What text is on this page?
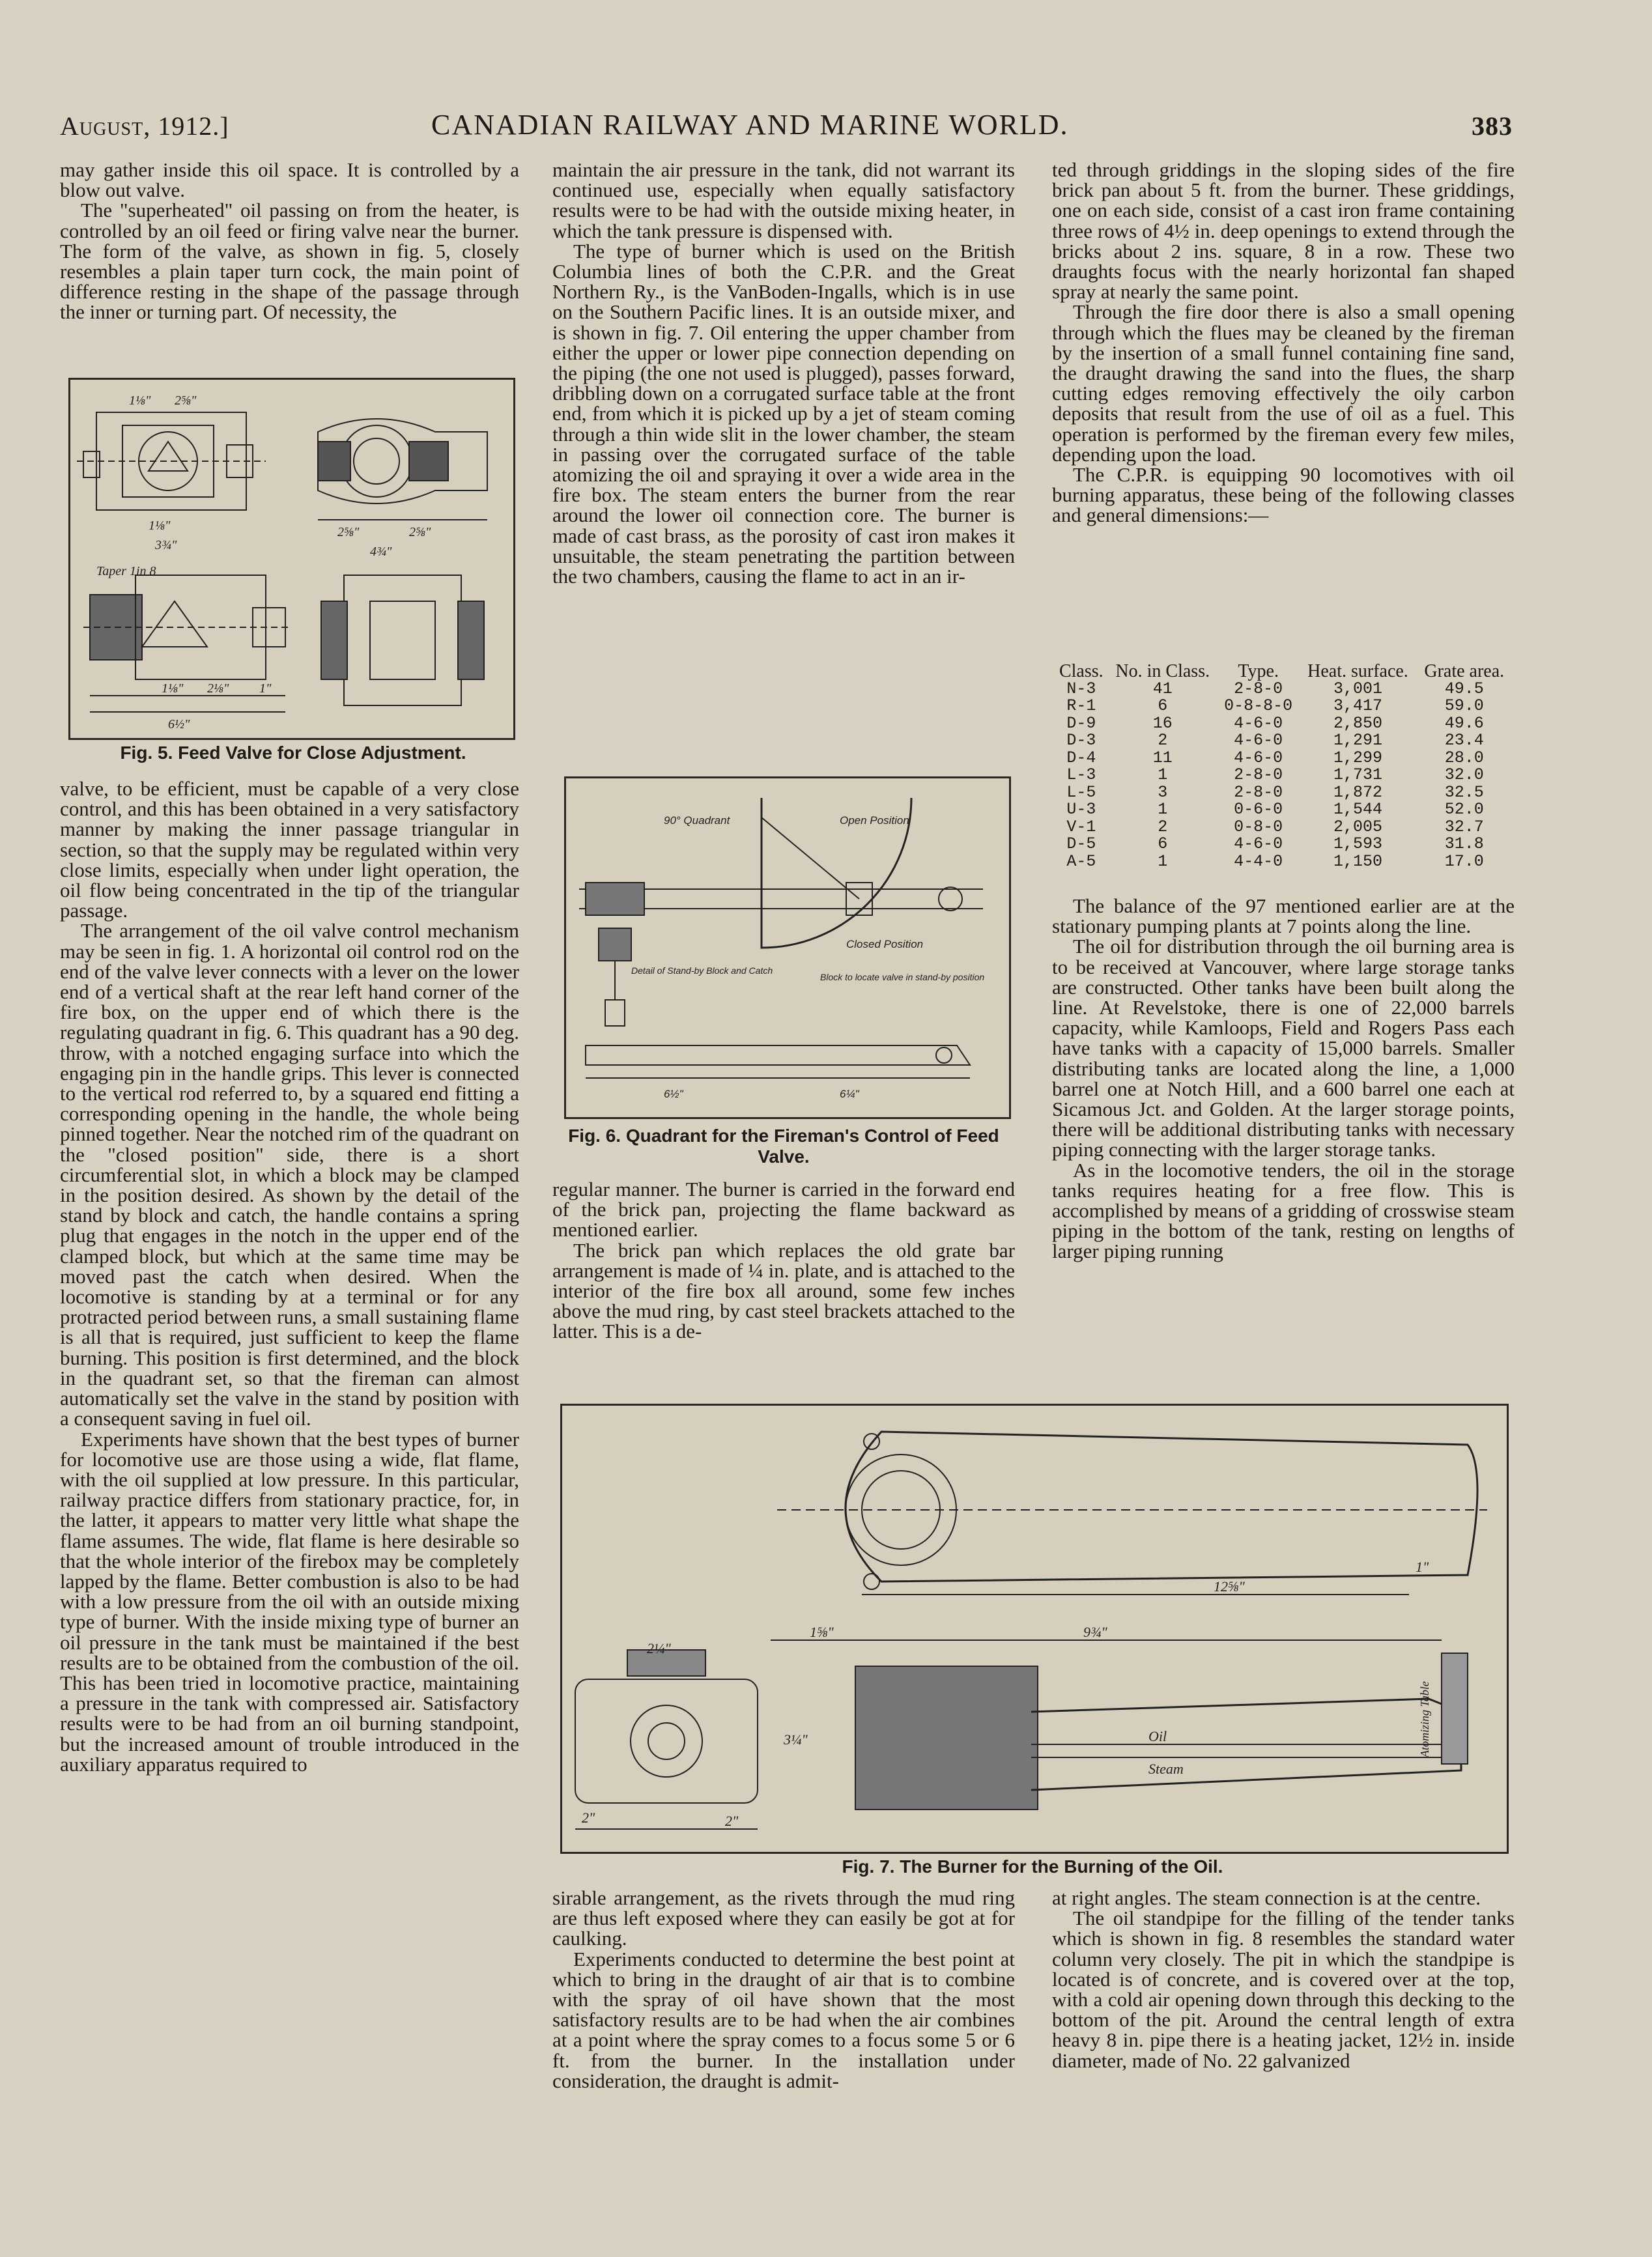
August, 1912.]	CANADIAN RAILWAY AND MARINE WORLD.	383

may gather inside this oil space. It is controlled by a blow out valve.

The "superheated" oil passing on from the heater, is controlled by an oil feed or firing valve near the burner. The form of the valve, as shown in fig. 5, closely resembles a plain taper turn cock, the main point of difference resting in the shape of the passage through the inner or turning part. Of necessity, the

Taper 1in 8
1⅛" 2⅝"
1⅛"
3¾"
2⅝"	2⅝"
4¾"
1⅛" 2⅛" 1"
6½"
Fig. 5. Feed Valve for Close Adjustment.

valve, to be efficient, must be capable of a very close control, and this has been obtained in a very satisfactory manner by making the inner passage triangular in section, so that the supply may be regulated within very close limits, especially when under light operation, the oil flow being concentrated in the tip of the triangular passage.

The arrangement of the oil valve control mechanism may be seen in fig. 1. A horizontal oil control rod on the end of the valve lever connects with a lever on the lower end of a vertical shaft at the rear left hand corner of the fire box, on the upper end of which there is the regulating quadrant in fig. 6. This quadrant has a 90 deg. throw, with a notched engaging surface into which the engaging pin in the handle grips. This lever is connected to the vertical rod referred to, by a squared end fitting a corresponding opening in the handle, the whole being pinned together. Near the notched rim of the quadrant on the "closed position" side, there is a short circumferential slot, in which a block may be clamped in the position desired. As shown by the detail of the stand by block and catch, the handle contains a spring plug that engages in the notch in the upper end of the clamped block, but which at the same time may be moved past the catch when desired. When the locomotive is standing by at a terminal or for any protracted period between runs, a small sustaining flame is all that is required, just sufficient to keep the flame burning. This position is first determined, and the block in the quadrant set, so that the fireman can almost automatically set the valve in the stand by position with a consequent saving in fuel oil.

Experiments have shown that the best types of burner for locomotive use are those using a wide, flat flame, with the oil supplied at low pressure. In this particular, railway practice differs from stationary practice, for, in the latter, it appears to matter very little what shape the flame assumes. The wide, flat flame is here desirable so that the whole interior of the firebox may be completely lapped by the flame. Better combustion is also to be had with a low pressure from the oil with an outside mixing type of burner. With the inside mixing type of burner an oil pressure in the tank must be maintained if the best results are to be obtained from the combustion of the oil. This has been tried in locomotive practice, maintaining a pressure in the tank with compressed air. Satisfactory results were to be had from an oil burning standpoint, but the increased amount of trouble introduced in the auxiliary apparatus required to

maintain the air pressure in the tank, did not warrant its continued use, especially when equally satisfactory results were to be had with the outside mixing heater, in which the tank pressure is dispensed with.

The type of burner which is used on the British Columbia lines of both the C.P.R. and the Great Northern Ry., is the VanBoden-Ingalls, which is in use on the Southern Pacific lines. It is an outside mixer, and is shown in fig. 7. Oil entering the upper chamber from either the upper or lower pipe connection depending on the piping (the one not used is plugged), passes forward, dribbling down on a corrugated surface table at the front end, from which it is picked up by a jet of steam coming through a thin wide slit in the lower chamber, the steam in passing over the corrugated surface of the table atomizing the oil and spraying it over a wide area in the fire box. The steam enters the burner from the rear around the lower oil connection core. The burner is made of cast brass, as the porosity of cast iron makes it unsuitable, the steam penetrating the partition between the two chambers, causing the flame to act in an ir-

90° Quadrant	Open Position
Closed Position
Detail of Stand-by Block and Catch
Block to locate valve in stand-by position
6½"	6¼"
Fig. 6. Quadrant for the Fireman's Control of Feed Valve.

regular manner. The burner is carried in the forward end of the brick pan, projecting the flame backward as mentioned earlier.

The brick pan which replaces the old grate bar arrangement is made of ¼ in. plate, and is attached to the interior of the fire box all around, some few inches above the mud ring, by cast steel brackets attached to the latter. This is a de-

Oil
Steam
Atomizing Table
12⅝"
9¾"
1⅝"
2¼"
2"
1"
3¼"
2"
Fig. 7. The Burner for the Burning of the Oil.

sirable arrangement, as the rivets through the mud ring are thus left exposed where they can easily be got at for caulking.

Experiments conducted to determine the best point at which to bring in the draught of air that is to combine with the spray of oil have shown that the most satisfactory results are to be had when the air combines at a point where the spray comes to a focus some 5 or 6 ft. from the burner. In the installation under consideration, the draught is admit-

ted through griddings in the sloping sides of the fire brick pan about 5 ft. from the burner. These griddings, one on each side, consist of a cast iron frame containing three rows of 4½ in. deep openings to extend through the bricks about 2 ins. square, 8 in a row. These two draughts focus with the nearly horizontal fan shaped spray at nearly the same point.

Through the fire door there is also a small opening through which the flues may be cleaned by the fireman by the insertion of a small funnel containing fine sand, the draught drawing the sand into the flues, the sharp cutting edges removing effectively the oily carbon deposits that result from the use of oil as a fuel. This operation is performed by the fireman every few miles, depending upon the load.

The C.P.R. is equipping 90 locomotives with oil burning apparatus, these being of the following classes and general dimensions:—

Class.	No. in Class.	Type.	Heat. surface.	Grate area.
N-3	41	2-8-0	3,001	49.5
R-1	6	0-8-8-0	3,417	59.0
D-9	16	4-6-0	2,850	49.6
D-3	2	4-6-0	1,291	23.4
D-4	11	4-6-0	1,299	28.0
L-3	1	2-8-0	1,731	32.0
L-5	3	2-8-0	1,872	32.5
U-3	1	0-6-0	1,544	52.0
V-1	2	0-8-0	2,005	32.7
D-5	6	4-6-0	1,593	31.8
A-5	1	4-4-0	1,150	17.0

The balance of the 97 mentioned earlier are at the stationary pumping plants at 7 points along the line.

The oil for distribution through the oil burning area is to be received at Vancouver, where large storage tanks are constructed. Other tanks have been built along the line. At Revelstoke, there is one of 22,000 barrels capacity, while Kamloops, Field and Rogers Pass each have tanks with a capacity of 15,000 barrels. Smaller distributing tanks are located along the line, a 1,000 barrel one at Notch Hill, and a 600 barrel one each at Sicamous Jct. and Golden. At the larger storage points, there will be additional distributing tanks with necessary piping connecting with the larger storage tanks.

As in the locomotive tenders, the oil in the storage tanks requires heating for a free flow. This is accomplished by means of a gridding of crosswise steam piping in the bottom of the tank, resting on lengths of larger piping running

at right angles. The steam connection is at the centre.

The oil standpipe for the filling of the tender tanks which is shown in fig. 8 resembles the standard water column very closely. The pit in which the standpipe is located is of concrete, and is covered over at the top, with a cold air opening down through this decking to the bottom of the pit. Around the central length of extra heavy 8 in. pipe there is a heating jacket, 12½ in. inside diameter, made of No. 22 galvanized
